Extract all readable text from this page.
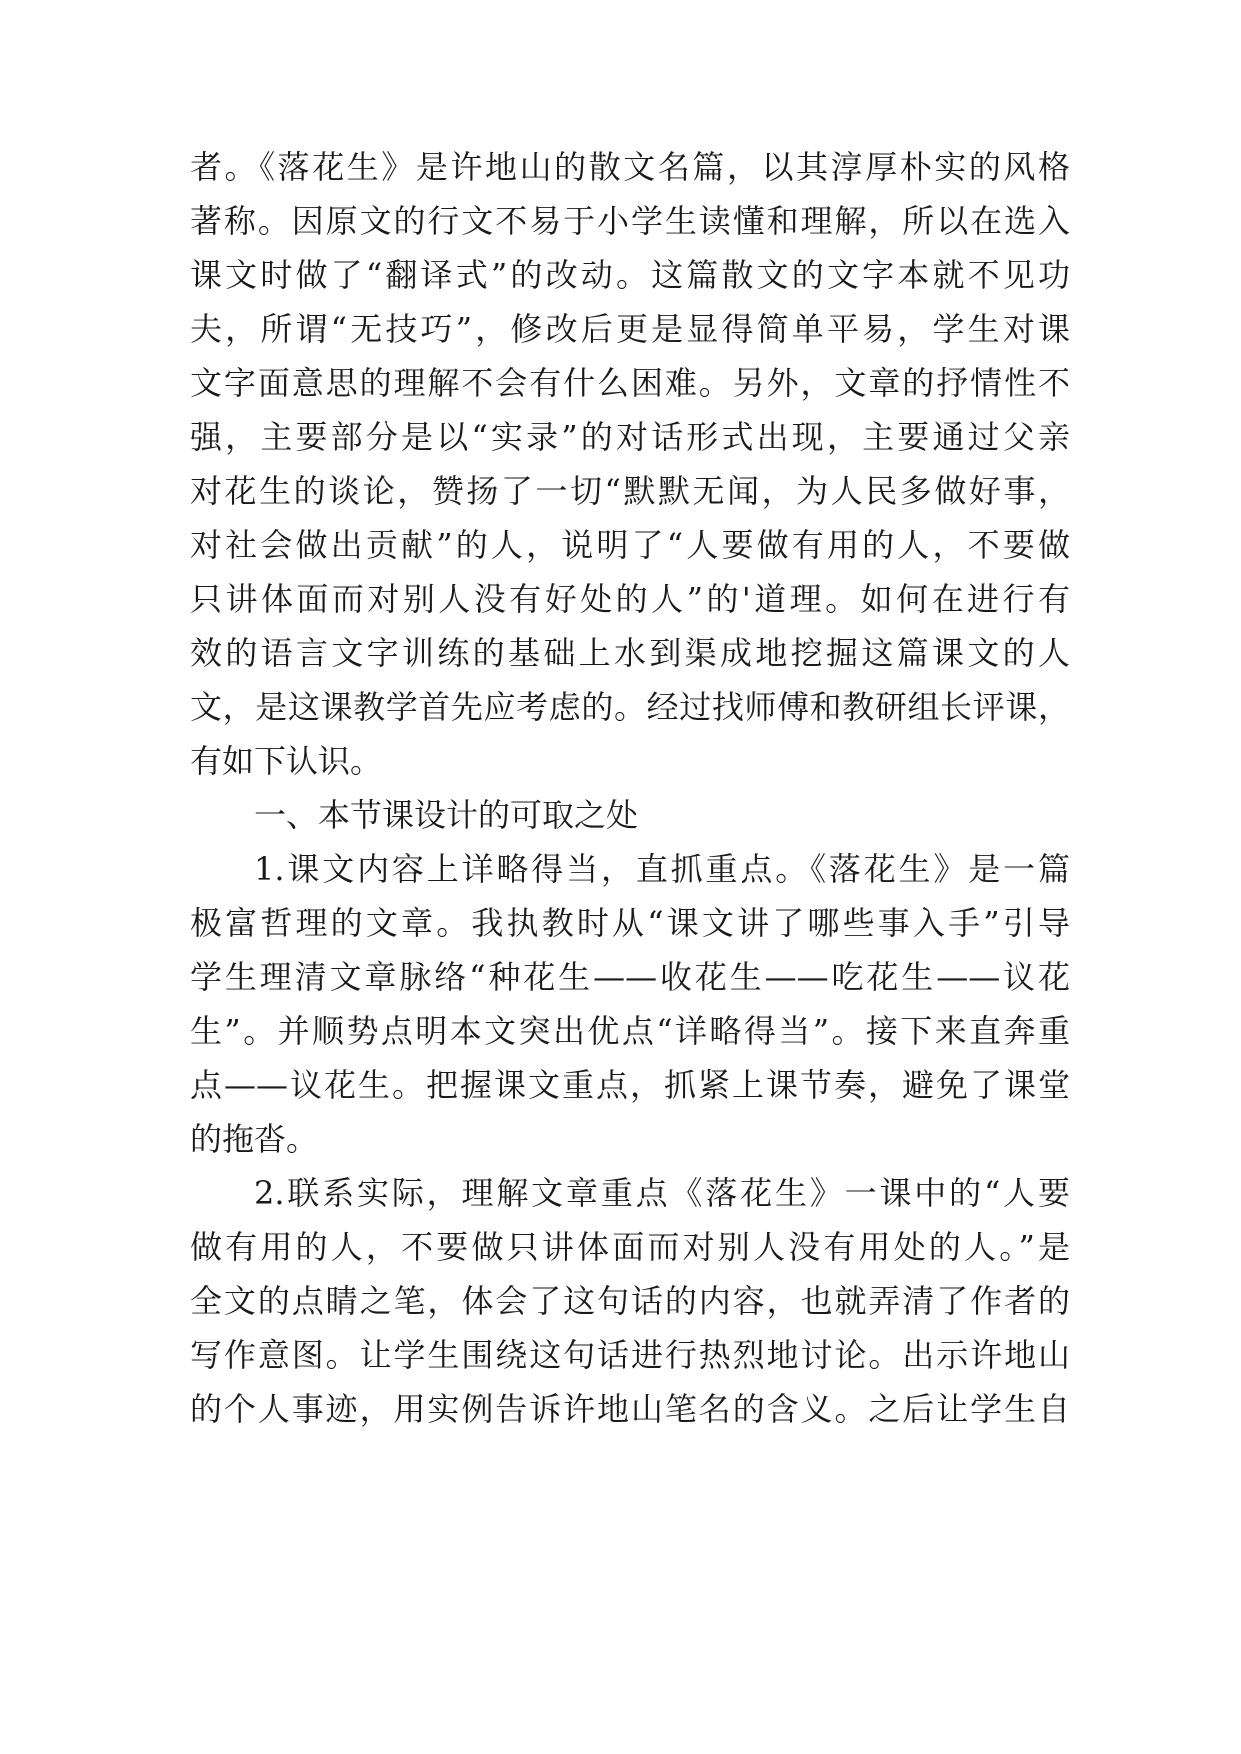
者。《落花生》是许地山的散文名篇，以其淳厚朴实的风格
著称。因原文的行文不易于小学生读懂和理解，所以在选入
课文时做了“翻译式”的改动。这篇散文的文字本就不见功
夫，所谓“无技巧”，修改后更是显得简单平易，学生对课
文字面意思的理解不会有什么困难。另外，文章的抒情性不
强，主要部分是以“实录”的对话形式出现，主要通过父亲
对花生的谈论，赞扬了一切“默默无闻，为人民多做好事，
对社会做出贡献”的人，说明了“人要做有用的人，不要做
只讲体面而对别人没有好处的人”的'道理。如何在进行有
效的语言文字训练的基础上水到渠成地挖掘这篇课文的人
文，是这课教学首先应考虑的。经过找师傅和教研组长评课，
有如下认识。
一、本节课设计的可取之处
1.课文内容上详略得当，直抓重点。《落花生》是一篇
极富哲理的文章。我执教时从“课文讲了哪些事入手”引导
学生理清文章脉络“种花生——收花生——吃花生——议花
生”。并顺势点明本文突出优点“详略得当”。接下来直奔重
点——议花生。把握课文重点，抓紧上课节奏，避免了课堂
的拖沓。
2.联系实际，理解文章重点《落花生》一课中的“人要
做有用的人，不要做只讲体面而对别人没有用处的人。”是
全文的点睛之笔，体会了这句话的内容，也就弄清了作者的
写作意图。让学生围绕这句话进行热烈地讨论。出示许地山
的个人事迹，用实例告诉许地山笔名的含义。之后让学生自
